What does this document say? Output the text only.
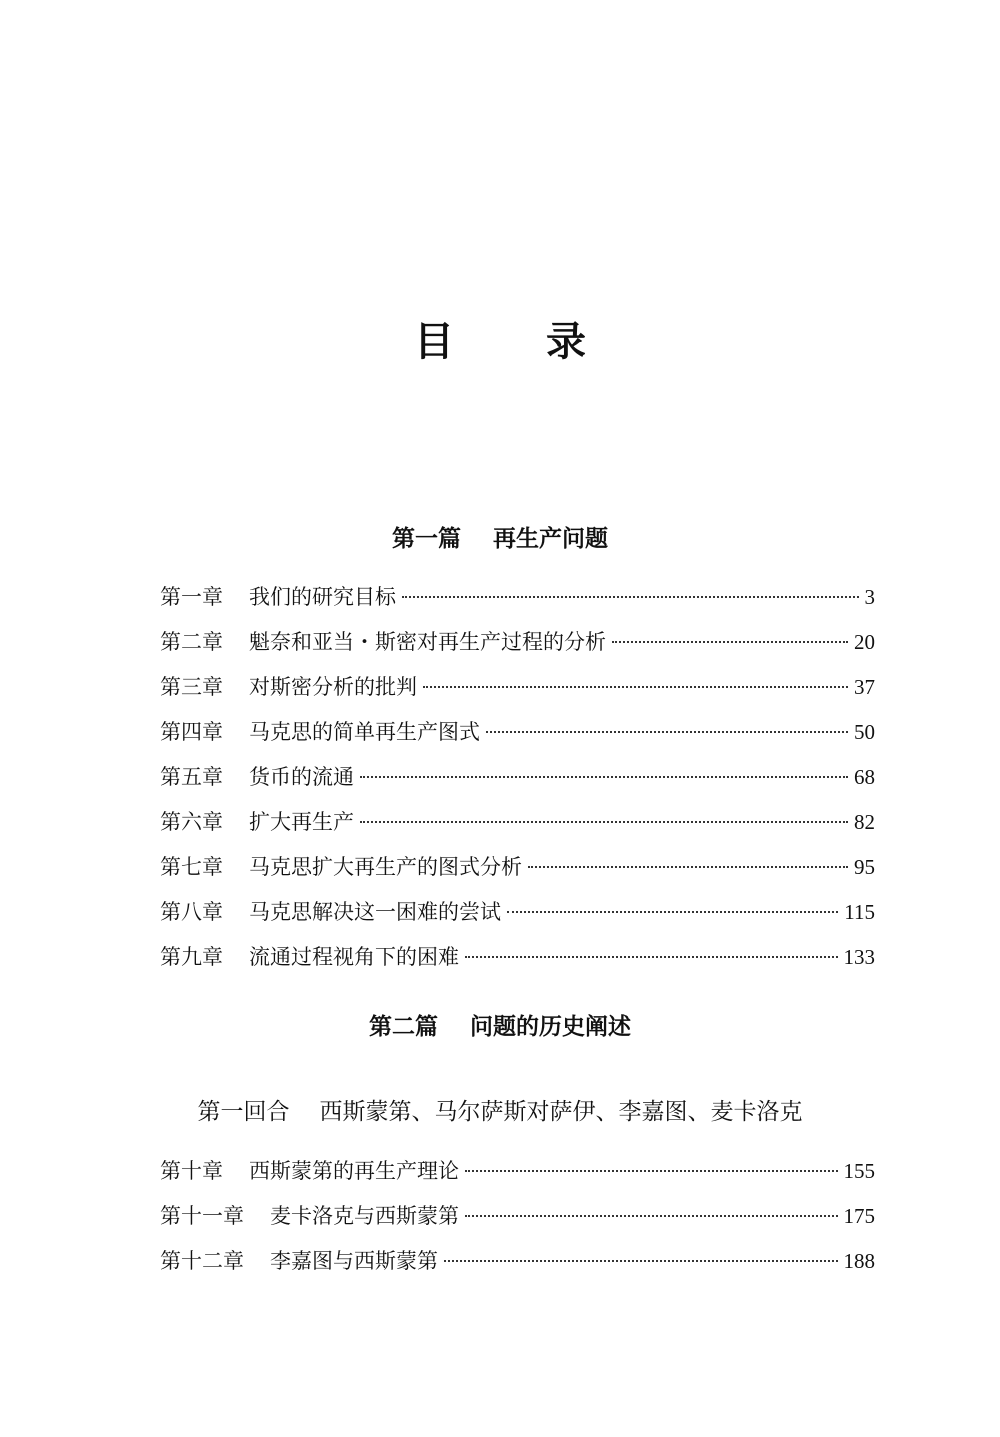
目 录
第一篇 再生产问题
第一章 我们的研究目标	3
第二章 魁奈和亚当・斯密对再生产过程的分析	20
第三章 对斯密分析的批判	37
第四章 马克思的简单再生产图式	50
第五章 货币的流通	68
第六章 扩大再生产	82
第七章 马克思扩大再生产的图式分析	95
第八章 马克思解决这一困难的尝试	115
第九章 流通过程视角下的困难	133
第二篇 问题的历史阐述
第一回合 西斯蒙第、马尔萨斯对萨伊、李嘉图、麦卡洛克
第十章 西斯蒙第的再生产理论	155
第十一章 麦卡洛克与西斯蒙第	175
第十二章 李嘉图与西斯蒙第	188
